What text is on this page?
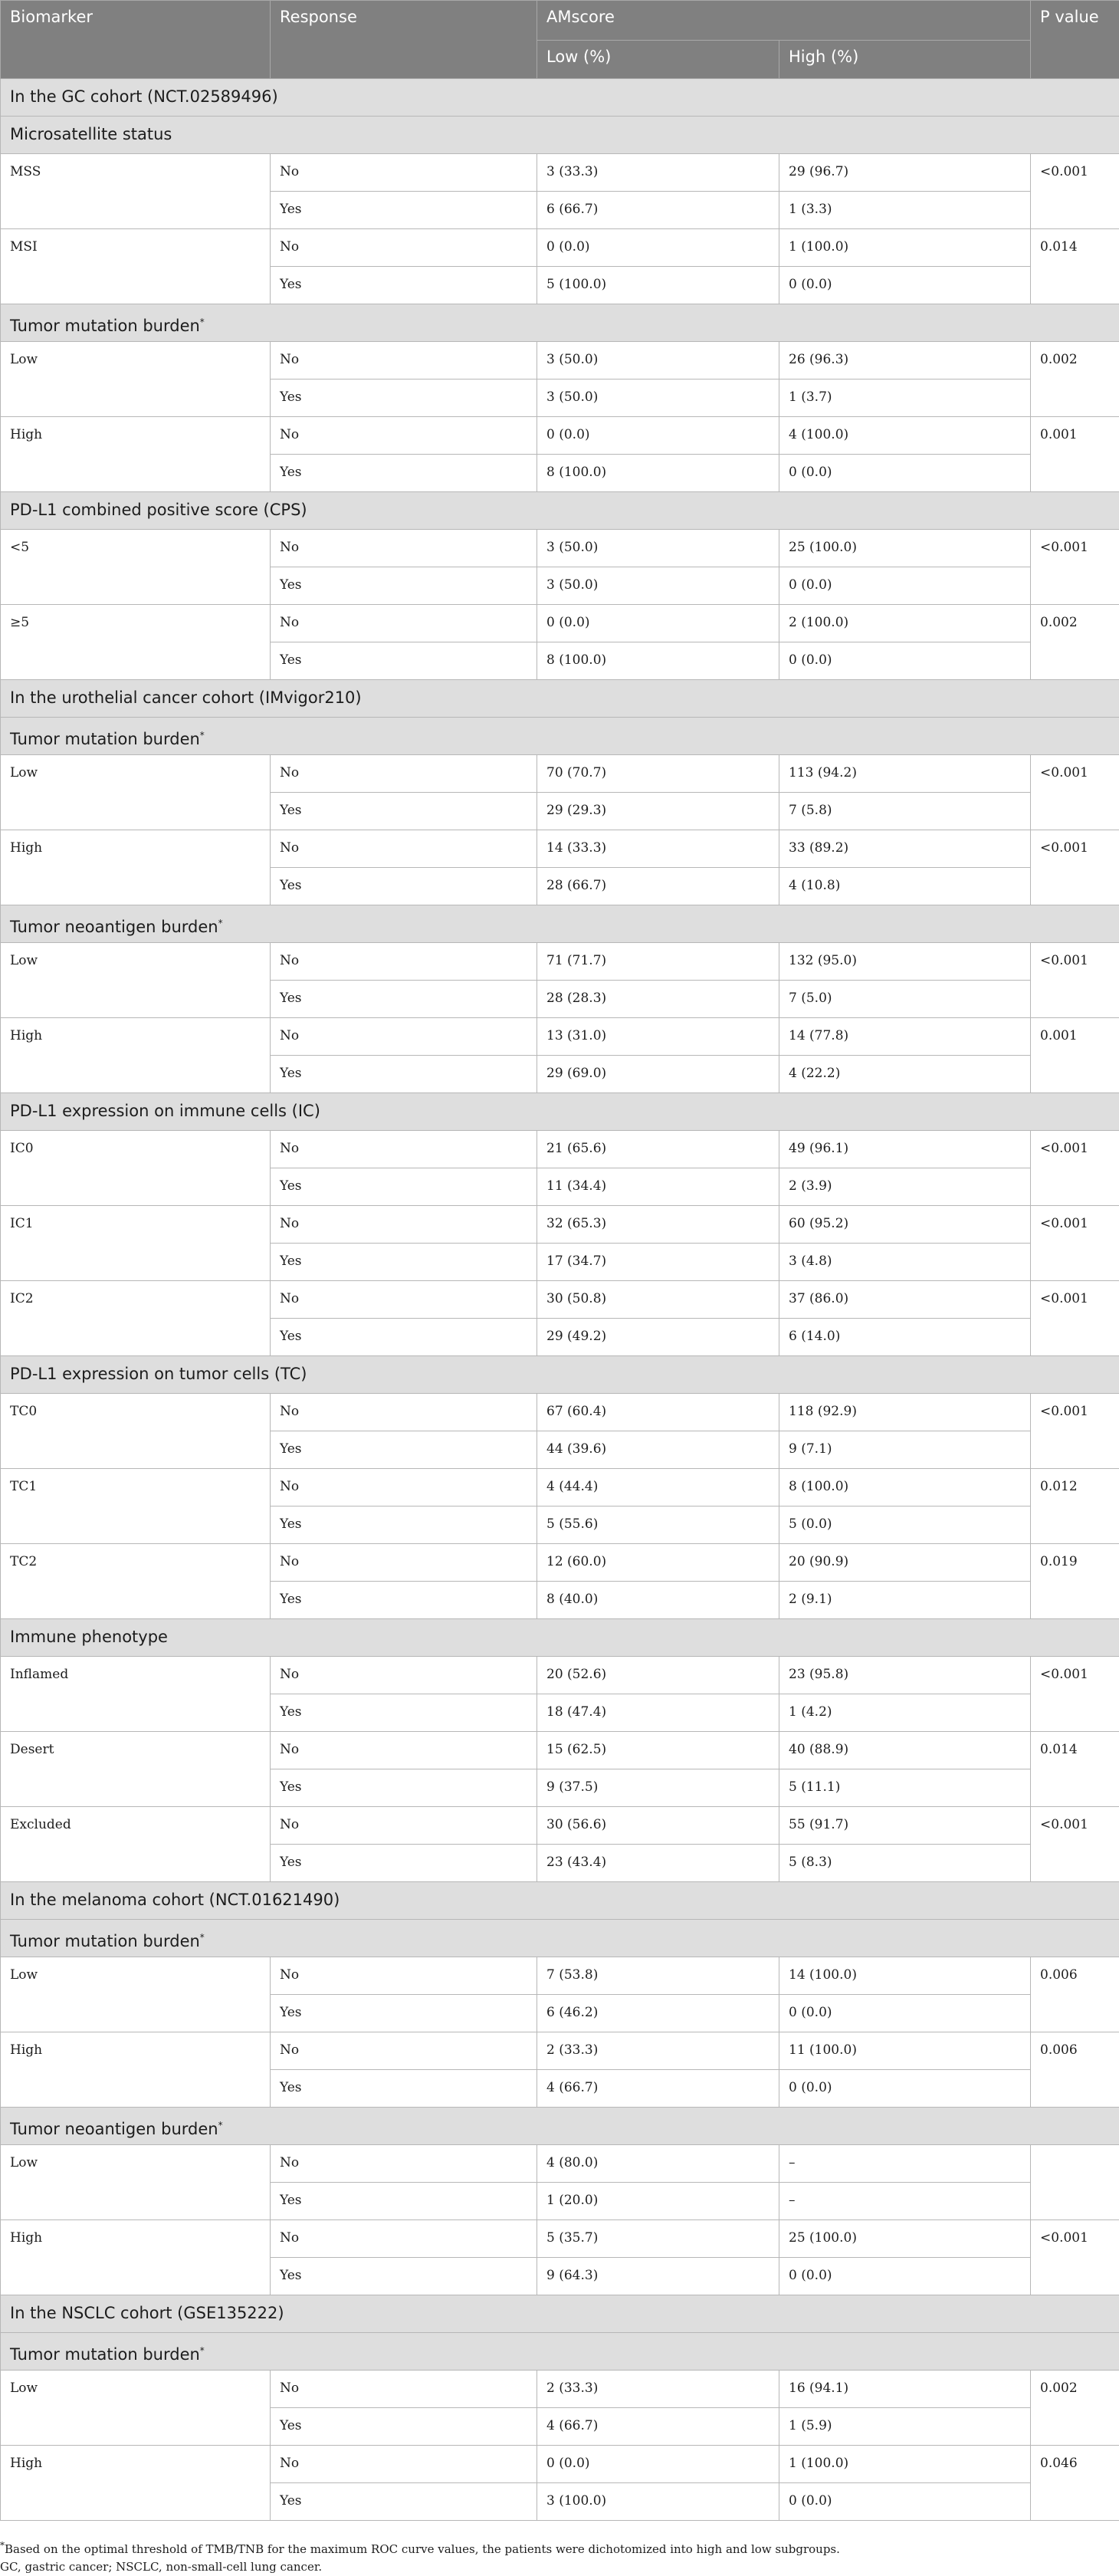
Biomarker	Response	AMscore		P value
		Low (%)	High (%)	
In the GC cohort (NCT.02589496)				
Microsatellite status				
MSS	No	3 (33.3)	29 (96.7)	<0.001
	Yes	6 (66.7)	1 (3.3)	
MSI	No	0 (0.0)	1 (100.0)	0.014
	Yes	5 (100.0)	0 (0.0)	
Tumor mutation burden*
Low	No	3 (50.0)	26 (96.3)	0.002
	Yes	3 (50.0)	1 (3.7)	
High	No	0 (0.0)	4 (100.0)	0.001
	Yes	8 (100.0)	0 (0.0)	
PD-L1 combined positive score (CPS)				
<5	No	3 (50.0)	25 (100.0)	<0.001
	Yes	3 (50.0)	0 (0.0)	
≥5	No	0 (0.0)	2 (100.0)	0.002
	Yes	8 (100.0)	0 (0.0)	
In the urothelial cancer cohort (IMvigor210)				
Tumor mutation burden*
Low	No	70 (70.7)	113 (94.2)	<0.001
	Yes	29 (29.3)	7 (5.8)	
High	No	14 (33.3)	33 (89.2)	<0.001
	Yes	28 (66.7)	4 (10.8)	
Tumor neoantigen burden*
Low	No	71 (71.7)	132 (95.0)	<0.001
	Yes	28 (28.3)	7 (5.0)	
High	No	13 (31.0)	14 (77.8)	0.001
	Yes	29 (69.0)	4 (22.2)	
PD-L1 expression on immune cells (IC)				
IC0	No	21 (65.6)	49 (96.1)	<0.001
	Yes	11 (34.4)	2 (3.9)	
IC1	No	32 (65.3)	60 (95.2)	<0.001
	Yes	17 (34.7)	3 (4.8)	
IC2	No	30 (50.8)	37 (86.0)	<0.001
	Yes	29 (49.2)	6 (14.0)	
PD-L1 expression on tumor cells (TC)				
TC0	No	67 (60.4)	118 (92.9)	<0.001
	Yes	44 (39.6)	9 (7.1)	
TC1	No	4 (44.4)	8 (100.0)	0.012
	Yes	5 (55.6)	5 (0.0)	
TC2	No	12 (60.0)	20 (90.9)	0.019
	Yes	8 (40.0)	2 (9.1)	
Immune phenotype				
Inflamed	No	20 (52.6)	23 (95.8)	<0.001
	Yes	18 (47.4)	1 (4.2)	
Desert	No	15 (62.5)	40 (88.9)	0.014
	Yes	9 (37.5)	5 (11.1)	
Excluded	No	30 (56.6)	55 (91.7)	<0.001
	Yes	23 (43.4)	5 (8.3)	
In the melanoma cohort (NCT.01621490)				
Tumor mutation burden*
Low	No	7 (53.8)	14 (100.0)	0.006
	Yes	6 (46.2)	0 (0.0)	
High	No	2 (33.3)	11 (100.0)	0.006
	Yes	4 (66.7)	0 (0.0)	
Tumor neoantigen burden*
Low	No	4 (80.0)	–	
	Yes	1 (20.0)	–	
High	No	5 (35.7)	25 (100.0)	<0.001
	Yes	9 (64.3)	0 (0.0)	
In the NSCLC cohort (GSE135222)				
Tumor mutation burden*
Low	No	2 (33.3)	16 (94.1)	0.002
	Yes	4 (66.7)	1 (5.9)	
High	No	0 (0.0)	1 (100.0)	0.046
	Yes	3 (100.0)	0 (0.0)	
*Based on the optimal threshold of TMB/TNB for the maximum ROC curve values, the patients were dichotomized into high and low subgroups.
GC, gastric cancer; NSCLC, non-small-cell lung cancer.
